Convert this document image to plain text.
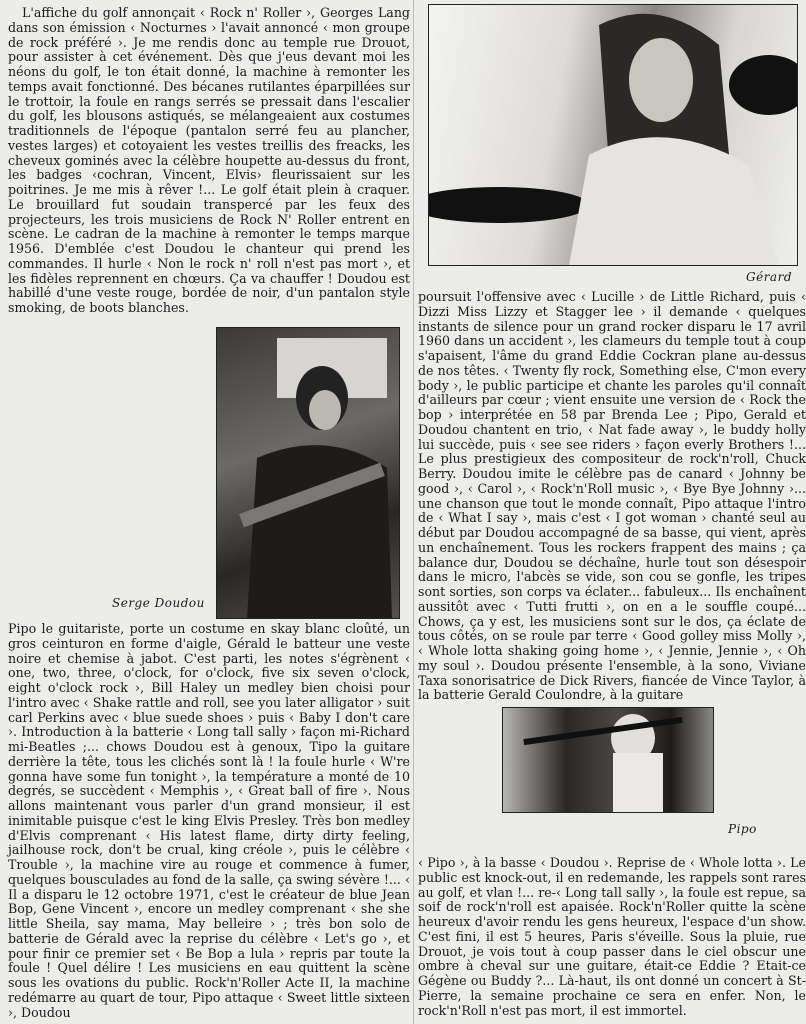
L'affiche du golf annonçait ‹ Rock n' Roller ›, Georges Lang dans son émission ‹ Nocturnes › l'avait annoncé ‹ mon groupe de rock préféré ›. Je me rendis donc au temple rue Drouot, pour assister à cet événement. Dès que j'eus devant moi les néons du golf, le ton était donné, la machine à remonter les temps avait fonctionné. Des bécanes rutilantes éparpillées sur le trottoir, la foule en rangs serrés se pressait dans l'escalier du golf, les blousons astiqués, se mélangeaient aux costumes traditionnels de l'époque (pantalon serré feu au plancher, vestes larges) et cotoyaient les vestes treillis des freacks, les cheveux gominés avec la célèbre houpette au-dessus du front, les badges ‹cochran, Vincent, Elvis› fleurissaient sur les poitrines. Je me mis à rêver !... Le golf était plein à craquer. Le brouillard fut soudain transpercé par les feux des projecteurs, les trois musiciens de Rock N' Roller entrent en scène. Le cadran de la machine à remonter le temps marque 1956. D'emblée c'est Doudou le chanteur qui prend les commandes. Il hurle ‹ Non le rock n' roll n'est pas mort ›, et les fidèles reprennent en chœurs. Ça va chauffer ! Doudou est habillé d'une veste rouge, bordée de noir, d'un pantalon style smoking, de boots blanches.

Pipo le guitariste, porte un costume en skay blanc cloûté, un gros ceinturon en forme d'aigle, Gérald le batteur une veste noire et chemise à jabot. C'est parti, les notes s'égrènent ‹ one, two, three, o'clock, for o'clock, five six seven o'clock, eight o'clock rock ›, Bill Haley un medley bien choisi pour l'intro avec ‹ Shake rattle and roll, see you later alligator › suit carl Perkins avec ‹ blue suede shoes › puis ‹ Baby I don't care ›. Introduction à la batterie ‹ Long tall sally › façon mi-Richard mi-Beatles ;... chows Doudou est à genoux, Tipo la guitare derrière la tête, tous les clichés sont là ! la foule hurle ‹ W're gonna have some fun tonight ›, la température a monté de 10 degrés, se succèdent ‹ Memphis ›, ‹ Great ball of fire ›. Nous allons maintenant vous parler d'un grand monsieur, il est inimitable puisque c'est le king Elvis Presley. Très bon medley d'Elvis comprenant ‹ His latest flame, dirty dirty feeling, jailhouse rock, don't be crual, king créole ›, puis le célèbre ‹ Trouble ›, la machine vire au rouge et commence à fumer, quelques bousculades au fond de la salle, ça swing sévère !... ‹ Il a disparu le 12 octobre 1971, c'est le créateur de blue Jean Bop, Gene Vincent ›, encore un medley comprenant ‹ she she little Sheila, say mama, May belleire › ; très bon solo de batterie de Gérald avec la reprise du célèbre ‹ Let's go ›, et pour finir ce premier set ‹ Be Bop a lula › repris par toute la foule ! Quel délire ! Les musiciens en eau quittent la scène sous les ovations du public. Rock'n'Roller Acte II, la machine redémarre au quart de tour, Pipo attaque ‹ Sweet little sixteen ›, Doudou

poursuit l'offensive avec ‹ Lucille › de Little Richard, puis ‹ Dizzi Miss Lizzy et Stagger lee › il demande ‹ quelques instants de silence pour un grand rocker disparu le 17 avril 1960 dans un accident ›, les clameurs du temple tout à coup s'apaisent, l'âme du grand Eddie Cockran plane au-dessus de nos têtes. ‹ Twenty fly rock, Something else, C'mon every body ›, le public participe et chante les paroles qu'il connaît d'ailleurs par cœur ; vient ensuite une version de ‹ Rock the bop › interprétée en 58 par Brenda Lee ; Pipo, Gerald et Doudou chantent en trio, ‹ Nat fade away ›, le buddy holly lui succède, puis ‹ see see riders › façon everly Brothers !... Le plus prestigieux des compositeur de rock'n'roll, Chuck Berry. Doudou imite le célèbre pas de canard ‹ Johnny be good ›, ‹ Carol ›, ‹ Rock'n'Roll music ›, ‹ Bye Bye Johnny ›... une chanson que tout le monde connaît, Pipo attaque l'intro de ‹ What I say ›, mais c'est ‹ I got woman › chanté seul au début par Doudou accompagné de sa basse, qui vient, après un enchaînement. Tous les rockers frappent des mains ; ça balance dur, Doudou se déchaîne, hurle tout son désespoir dans le micro, l'abcès se vide, son cou se gonfle, les tripes sont sorties, son corps va éclater... fabuleux... Ils enchaînent aussitôt avec ‹ Tutti frutti ›, on en a le souffle coupé... Chows, ça y est, les musiciens sont sur le dos, ça éclate de tous côtés, on se roule par terre ‹ Good golley miss Molly ›, ‹ Whole lotta shaking going home ›, ‹ Jennie, Jennie ›, ‹ Oh my soul ›. Doudou présente l'ensemble, à la sono, Viviane Taxa sonorisatrice de Dick Rivers, fiancée de Vince Taylor, à la batterie Gerald Coulondre, à la guitare

‹ Pipo ›, à la basse ‹ Doudou ›. Reprise de ‹ Whole lotta ›. Le public est knock-out, il en redemande, les rappels sont rares au golf, et vlan !... re-‹ Long tall sally ›, la foule est repue, sa soif de rock'n'roll est apaisée. Rock'n'Roller quitte la scène heureux d'avoir rendu les gens heureux, l'espace d'un show. C'est fini, il est 5 heures, Paris s'éveille. Sous la pluie, rue Drouot, je vois tout à coup passer dans le ciel obscur une ombre à cheval sur une guitare, était-ce Eddie ? Etait-ce Gégène ou Buddy ?... Là-haut, ils ont donné un concert à St-Pierre, la semaine prochaine ce sera en enfer. Non, le rock'n'Roll n'est pas mort, il est immortel.

Gérard
Serge Doudou
Pipo
